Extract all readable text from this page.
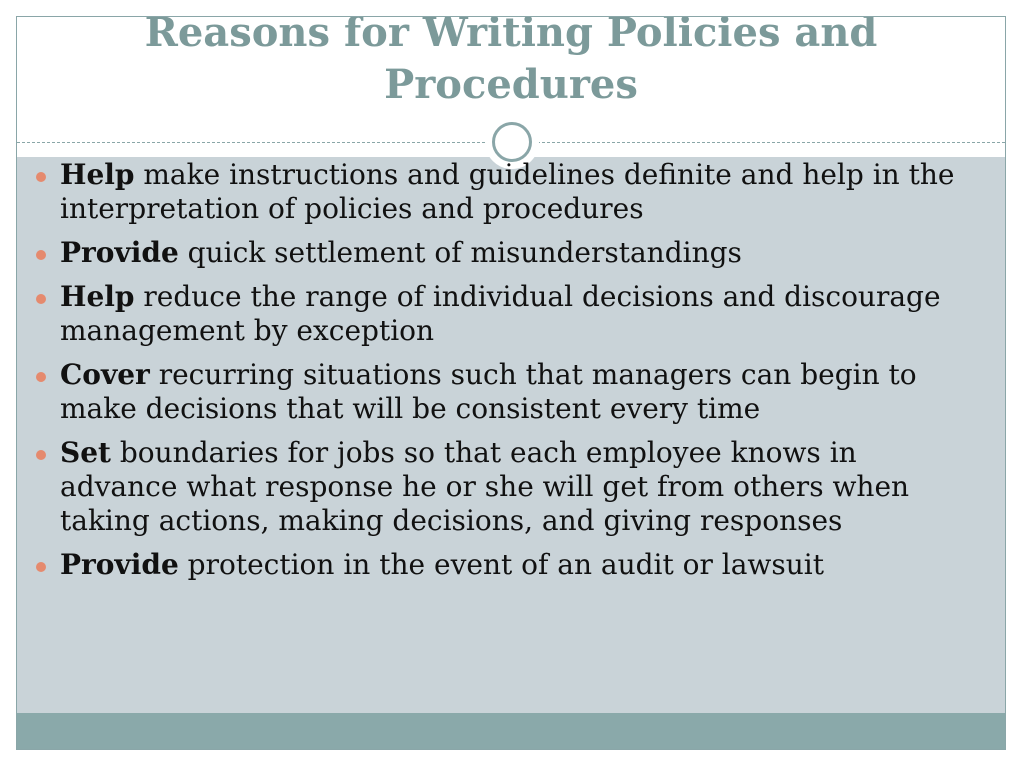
Reasons for Writing Policies and Procedures
Help make instructions and guidelines definite and help in the interpretation of policies and procedures
Provide quick settlement of misunderstandings
Help reduce the range of individual decisions and discourage management by exception
Cover recurring situations such that managers can begin to make decisions that will be consistent every time
Set boundaries for jobs so that each employee knows in advance what response he or she will get from others when taking actions, making decisions, and giving responses
Provide protection in the event of an audit or lawsuit
